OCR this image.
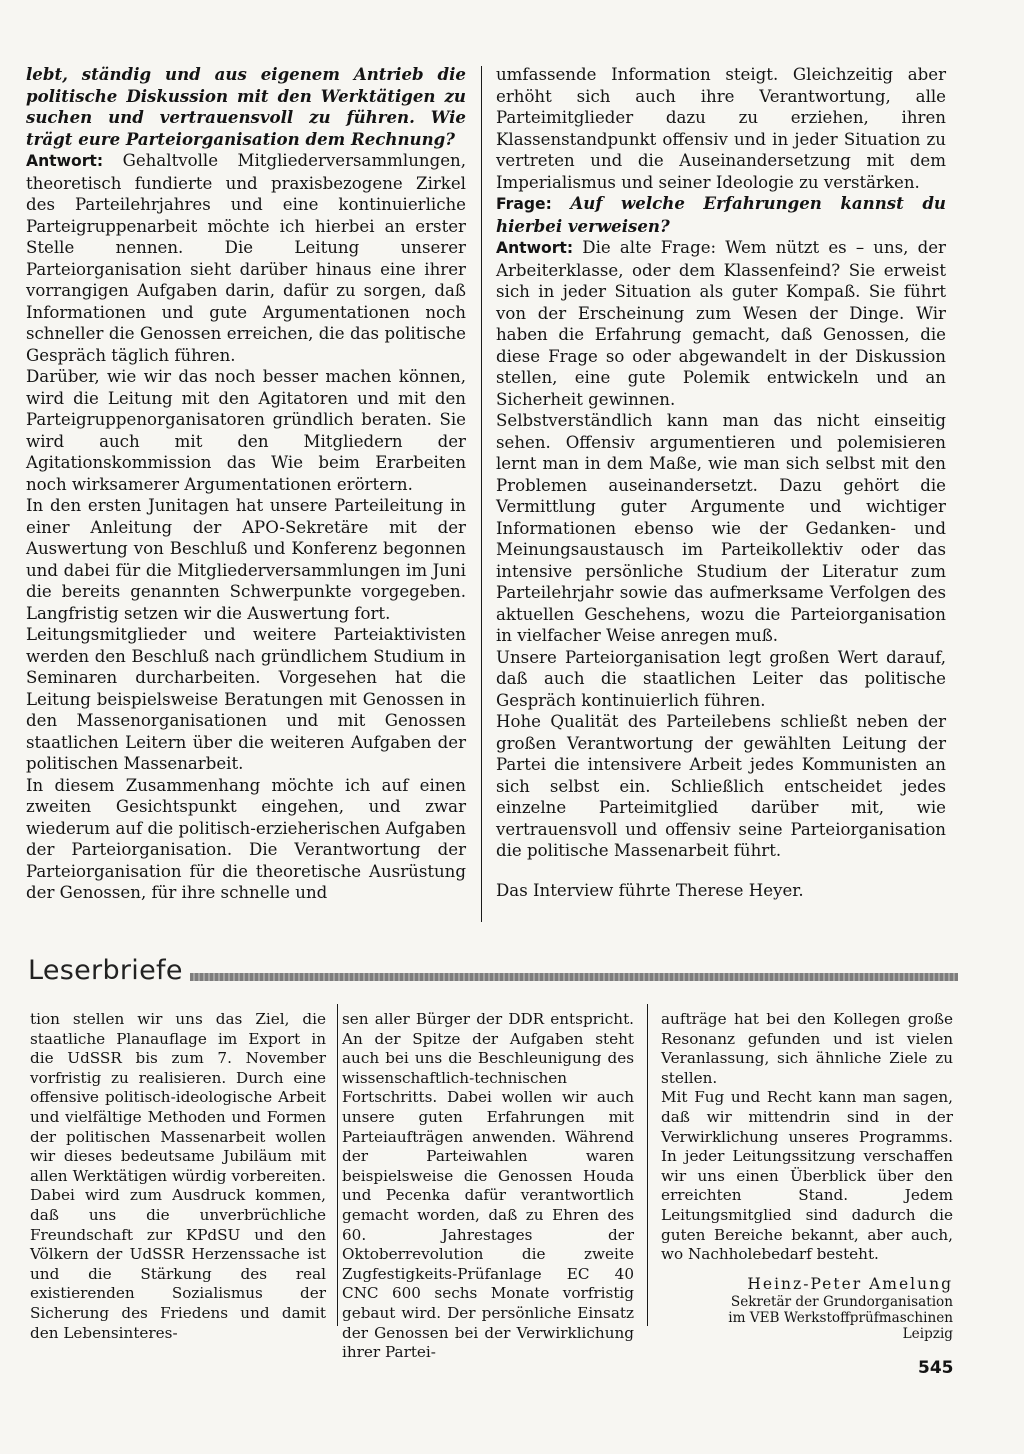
lebt, ständig und aus eigenem Antrieb die politische Diskussion mit den Werktätigen zu suchen und vertrauensvoll zu führen. Wie trägt eure Parteiorganisation dem Rechnung?

Antwort: Gehaltvolle Mitgliederversammlungen, theoretisch fundierte und praxisbezogene Zirkel des Parteilehrjahres und eine kontinuierliche Parteigruppenarbeit möchte ich hierbei an erster Stelle nennen. Die Leitung unserer Parteiorganisation sieht darüber hinaus eine ihrer vorrangigen Aufgaben darin, dafür zu sorgen, daß Informationen und gute Argumentationen noch schneller die Genossen erreichen, die das politische Gespräch täglich führen.

Darüber, wie wir das noch besser machen können, wird die Leitung mit den Agitatoren und mit den Parteigruppenorganisatoren gründlich beraten. Sie wird auch mit den Mitgliedern der Agitationskommission das Wie beim Erarbeiten noch wirksamerer Argumentationen erörtern.

In den ersten Junitagen hat unsere Parteileitung in einer Anleitung der APO-Sekretäre mit der Auswertung von Beschluß und Konferenz begonnen und dabei für die Mitgliederversammlungen im Juni die bereits genannten Schwerpunkte vorgegeben. Langfristig setzen wir die Auswertung fort.

Leitungsmitglieder und weitere Parteiaktivisten werden den Beschluß nach gründlichem Studium in Seminaren durcharbeiten. Vorgesehen hat die Leitung beispielsweise Beratungen mit Genossen in den Massenorganisationen und mit Genossen staatlichen Leitern über die weiteren Aufgaben der politischen Massenarbeit.

In diesem Zusammenhang möchte ich auf einen zweiten Gesichtspunkt eingehen, und zwar wiederum auf die politisch-erzieherischen Aufgaben der Parteiorganisation. Die Verantwortung der Parteiorganisation für die theoretische Ausrüstung der Genossen, für ihre schnelle und

umfassende Information steigt. Gleichzeitig aber erhöht sich auch ihre Verantwortung, alle Parteimitglieder dazu zu erziehen, ihren Klassenstandpunkt offensiv und in jeder Situation zu vertreten und die Auseinandersetzung mit dem Imperialismus und seiner Ideologie zu verstärken.

Frage: Auf welche Erfahrungen kannst du hierbei verweisen?

Antwort: Die alte Frage: Wem nützt es – uns, der Arbeiterklasse, oder dem Klassenfeind? Sie erweist sich in jeder Situation als guter Kompaß. Sie führt von der Erscheinung zum Wesen der Dinge. Wir haben die Erfahrung gemacht, daß Genossen, die diese Frage so oder abgewandelt in der Diskussion stellen, eine gute Polemik entwickeln und an Sicherheit gewinnen.

Selbstverständlich kann man das nicht einseitig sehen. Offensiv argumentieren und polemisieren lernt man in dem Maße, wie man sich selbst mit den Problemen auseinandersetzt. Dazu gehört die Vermittlung guter Argumente und wichtiger Informationen ebenso wie der Gedanken- und Meinungsaustausch im Parteikollektiv oder das intensive persönliche Studium der Literatur zum Parteilehrjahr sowie das aufmerksame Verfolgen des aktuellen Geschehens, wozu die Parteiorganisation in vielfacher Weise anregen muß.

Unsere Parteiorganisation legt großen Wert darauf, daß auch die staatlichen Leiter das politische Gespräch kontinuierlich führen.

Hohe Qualität des Parteilebens schließt neben der großen Verantwortung der gewählten Leitung der Partei die intensivere Arbeit jedes Kommunisten an sich selbst ein. Schließlich entscheidet jedes einzelne Parteimitglied darüber mit, wie vertrauensvoll und offensiv seine Parteiorganisation die politische Massenarbeit führt.

Das Interview führte Therese Heyer.

Leserbriefe

tion stellen wir uns das Ziel, die staatliche Planauflage im Export in die UdSSR bis zum 7. November vorfristig zu realisieren. Durch eine offensive politisch-ideologische Arbeit und vielfältige Methoden und Formen der politischen Massenarbeit wollen wir dieses bedeutsame Jubiläum mit allen Werktätigen würdig vorbereiten. Dabei wird zum Ausdruck kommen, daß uns die unverbrüchliche Freundschaft zur KPdSU und den Völkern der UdSSR Herzenssache ist und die Stärkung des real existierenden Sozialismus der Sicherung des Friedens und damit den Lebensinteres-

sen aller Bürger der DDR entspricht. An der Spitze der Aufgaben steht auch bei uns die Beschleunigung des wissenschaftlich-technischen Fortschritts. Dabei wollen wir auch unsere guten Erfahrungen mit Parteiaufträgen anwenden. Während der Parteiwahlen waren beispielsweise die Genossen Houda und Pecenka dafür verantwortlich gemacht worden, daß zu Ehren des 60. Jahrestages der Oktoberrevolution die zweite Zugfestigkeits-Prüfanlage EC 40 CNC 600 sechs Monate vorfristig gebaut wird. Der persönliche Einsatz der Genossen bei der Verwirklichung ihrer Partei-

aufträge hat bei den Kollegen große Resonanz gefunden und ist vielen Veranlassung, sich ähnliche Ziele zu stellen.

Mit Fug und Recht kann man sagen, daß wir mittendrin sind in der Verwirklichung unseres Programms. In jeder Leitungssitzung verschaffen wir uns einen Überblick über den erreichten Stand. Jedem Leitungsmitglied sind dadurch die guten Bereiche bekannt, aber auch, wo Nachholebedarf besteht.

Heinz-Peter Amelung
Sekretär der Grundorganisation
im VEB Werkstoffprüfmaschinen
Leipzig

545
